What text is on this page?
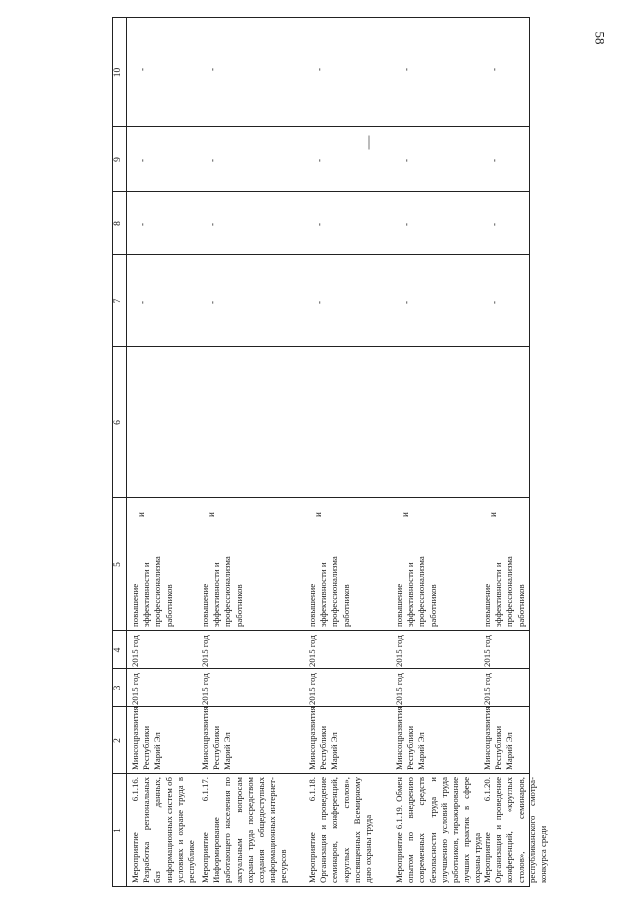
58
1
2
3
4
5
6
7
8
9
10
Мероприятие 6.1.16. Разработка региональных баз данных, информационных систем об условиях и охране труда в республике
Минсоцразвития Республики Марий Эл
2015 год
2015 год
повышение эффективности и профессионализма работников
и
-
-
-
-
Мероприятие 6.1.17. Информирование работающего населения по актуальным вопросам охраны труда посредством создания общедоступных информационных интернет-ресурсов
Минсоцразвития Республики Марий Эл
2015 год
2015 год
повышение эффективности и профессионализма работников
и
-
-
-
-
Мероприятие 6.1.18. Организация и проведение семинаров, конференций, «круглых столов», посвященных Всемирному дню охраны труда
Минсоцразвития Республики Марий Эл
2015 год
2015 год
повышение эффективности и профессионализма работников
и
-
-
-
-
Мероприятие 6.1.19. Обмен опытом по внедрению современных средств безопасности труда и улучшению условий труда работников, тиражирование лучших практик в сфере охраны труда
Минсоцразвития Республики Марий Эл
2015 год
2015 год
повышение эффективности и профессионализма работников
и
-
-
-
-
Мероприятие 6.1.20. Организация и проведение конференций, «круглых столов», семинаров, республиканского смотра-конкурса среди
Минсоцразвития Республики Марий Эл
2015 год
2015 год
повышение эффективности и профессионализма работников
и
-
-
-
-
